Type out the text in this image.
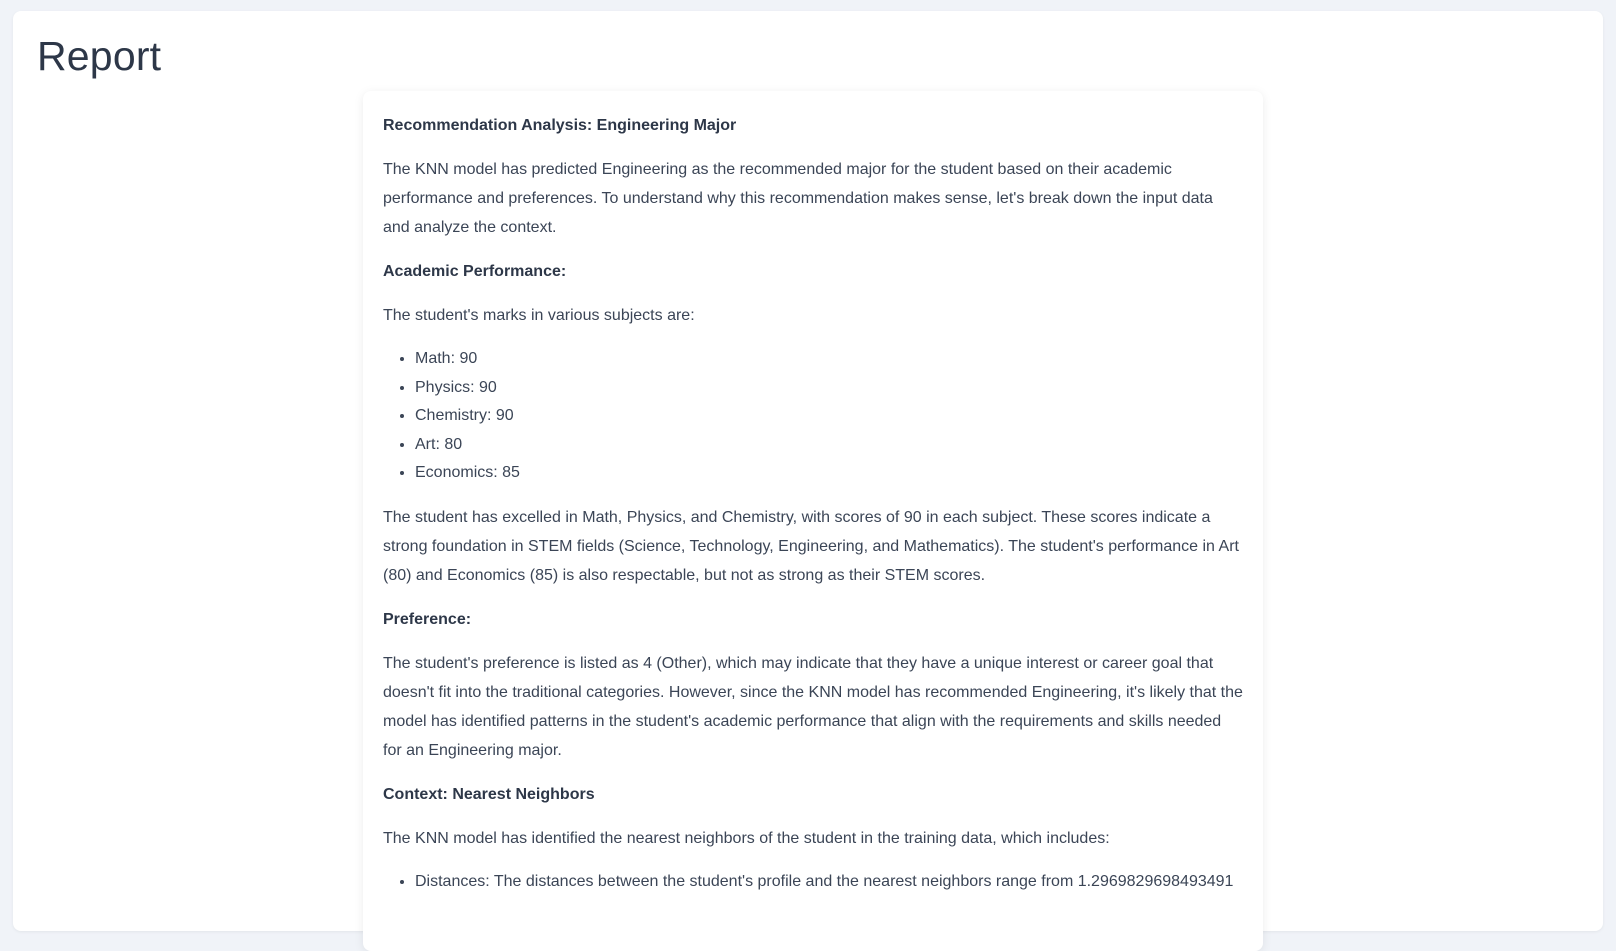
Report
Recommendation Analysis: Engineering Major

The KNN model has predicted Engineering as the recommended major for the student based on their academic performance and preferences. To understand why this recommendation makes sense, let's break down the input data and analyze the context.

Academic Performance:

The student's marks in various subjects are:

• Math: 90
• Physics: 90
• Chemistry: 90
• Art: 80
• Economics: 85

The student has excelled in Math, Physics, and Chemistry, with scores of 90 in each subject. These scores indicate a strong foundation in STEM fields (Science, Technology, Engineering, and Mathematics). The student's performance in Art (80) and Economics (85) is also respectable, but not as strong as their STEM scores.

Preference:

The student's preference is listed as 4 (Other), which may indicate that they have a unique interest or career goal that doesn't fit into the traditional categories. However, since the KNN model has recommended Engineering, it's likely that the model has identified patterns in the student's academic performance that align with the requirements and skills needed for an Engineering major.

Context: Nearest Neighbors

The KNN model has identified the nearest neighbors of the student in the training data, which includes:

• Distances: The distances between the student's profile and the nearest neighbors range from 1.2969829698493491
